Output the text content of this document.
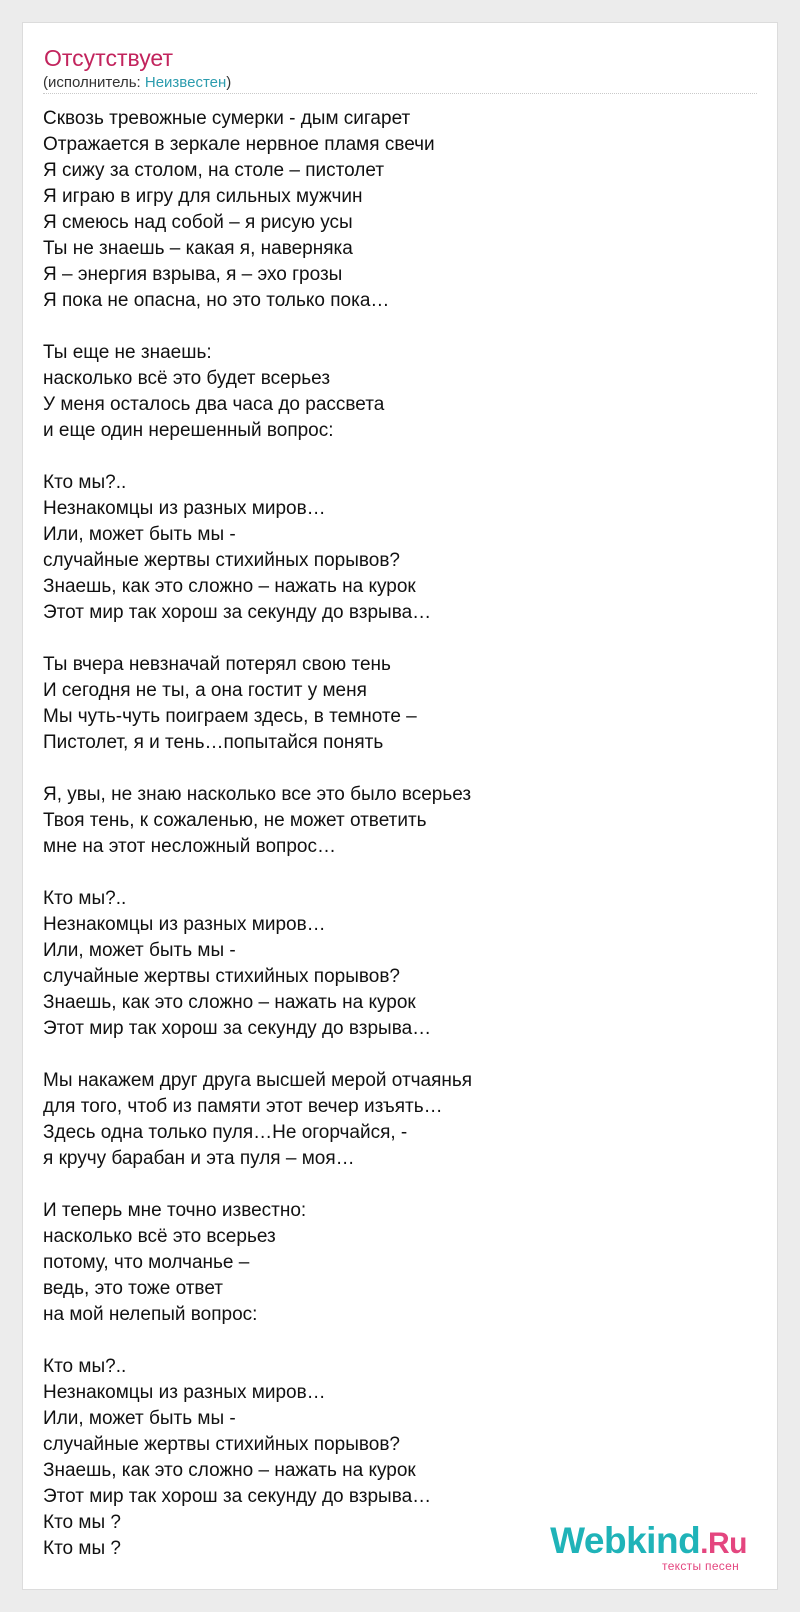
Отсутствует
(исполнитель: Неизвестен)
Сквозь тревожные сумерки - дым сигарет
Отражается в зеркале нервное пламя свечи
Я сижу за столом, на столе – пистолет
Я играю в игру для сильных мужчин
Я смеюсь над собой – я рисую усы
Ты не знаешь – какая я, наверняка
Я – энергия взрыва, я – эхо грозы
Я пока не опасна, но это только пока…

Ты еще не знаешь:
насколько всё это будет всерьез
У меня осталось два часа до рассвета
и еще один нерешенный вопрос:

Кто мы?..
Незнакомцы из разных миров…
Или, может быть мы -
случайные жертвы стихийных порывов?
Знаешь, как это сложно – нажать на курок
Этот мир так хорош за секунду до взрыва…

Ты вчера невзначай потерял свою тень
И сегодня не ты, а она гостит у меня
Мы чуть-чуть поиграем здесь, в темноте –
Пистолет, я и тень…попытайся понять

Я, увы, не знаю насколько все это было всерьез
Твоя тень, к сожаленью, не может ответить
мне на этот несложный вопрос…

Кто мы?..
Незнакомцы из разных миров…
Или, может быть мы -
случайные жертвы стихийных порывов?
Знаешь, как это сложно – нажать на курок
Этот мир так хорош за секунду до взрыва…

Мы накажем друг друга высшей мерой отчаянья
для того, чтоб из памяти этот вечер изъять…
Здесь одна только пуля…Не огорчайся, -
я кручу барабан и эта пуля – моя…

И теперь мне точно известно:
насколько всё это всерьез
потому, что молчанье –
ведь, это тоже ответ
на мой нелепый вопрос:

Кто мы?..
Незнакомцы из разных миров…
Или, может быть мы -
случайные жертвы стихийных порывов?
Знаешь, как это сложно – нажать на курок
Этот мир так хорош за секунду до взрыва…
Кто мы ?
Кто мы ?	Webkind.Ru
тексты песен
